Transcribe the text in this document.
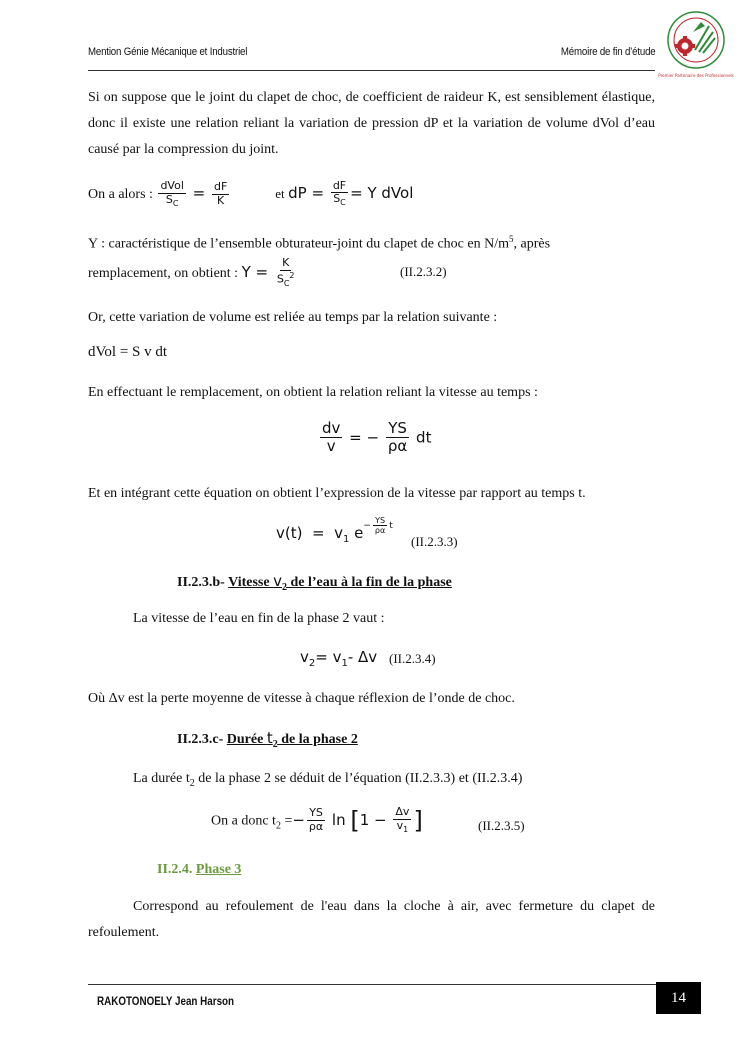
Mention Génie Mécanique et Industriel	Mémoire de fin d’étude
Premier Partenaire des Professionnels
Si on suppose que le joint du clapet de choc, de coefficient de raideur K, est sensiblement élastique, donc il existe une relation reliant la variation de pression dP et la variation de volume dVol d’eau causé par la compression du joint.
On a alors : $\frac{\text{dVol}}{S_C} = \frac{dF}{K}$	et dP = $\frac{dF}{S_C} = Y$ dVol
Y : caractéristique de l’ensemble obturateur-joint du clapet de choc en $N/m^5$, après
remplacement, on obtient : $Y = \frac{K}{S_C^2}$	(II.2.3.2)
Or, cette variation de volume est reliée au temps par la relation suivante :
dVol = S v dt
En effectuant le remplacement, on obtient la relation reliant la vitesse au temps :
$\frac{dv}{v}$ = − $\frac{YS}{\rho\alpha}$ dt
Et en intégrant cette équation on obtient l’expression de la vitesse par rapport au temps t.
$v(t) = v_1$ $e^{- \frac{YS}{\rho\alpha} t}$
(II.2.3.3)
II.2.3.b- Vitesse $v_2$ de l’eau à la fin de la phase
La vitesse de l’eau en fin de la phase 2 vaut :
$v_2= v_1-$ Δv (II.2.3.4)
Où Δv est la perte moyenne de vitesse à chaque réflexion de l’onde de choc.
II.2.3.c- Durée $t_2$ de la phase 2
La durée $t_2$ de la phase 2 se déduit de l’équation (II.2.3.3) et (II.2.3.4)
On a donc $t_2 =- \frac{YS}{\rho\alpha}$ $\ln [1 - \frac{\Delta v}{v_1}$ ]	(II.2.3.5)
II.2.4. Phase 3
Correspond au refoulement de l'eau dans la cloche à air, avec fermeture du clapet de refoulement.
RAKOTONOELY Jean Harson	14
